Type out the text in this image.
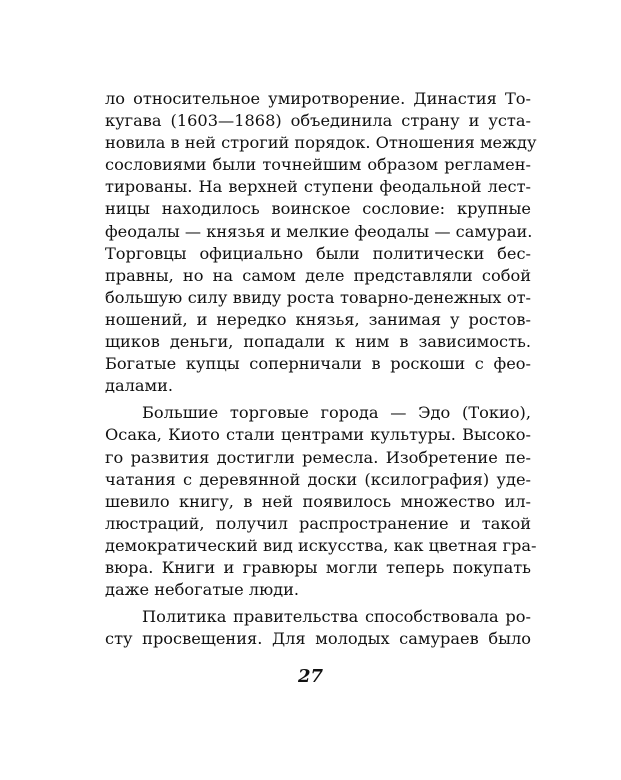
ло относительное умиротворение. Династия То-
кугава (1603—1868) объединила страну и уста-
новила в ней строгий порядок. Отношения между
сословиями были точнейшим образом регламен-
тированы. На верхней ступени феодальной лест-
ницы находилось воинское сословие: крупные
феодалы — князья и мелкие феодалы — самураи.
Торговцы официально были политически бес-
правны, но на самом деле представляли собой
большую силу ввиду роста товарно-денежных от-
ношений, и нередко князья, занимая у ростов-
щиков деньги, попадали к ним в зависимость.
Богатые купцы соперничали в роскоши с фео-
далами.

Большие торговые города — Эдо (Токио),
Осака, Киото стали центрами культуры. Высоко-
го развития достигли ремесла. Изобретение пе-
чатания с деревянной доски (ксилография) уде-
шевило книгу, в ней появилось множество ил-
люстраций, получил распространение и такой
демократический вид искусства, как цветная гра-
вюра. Книги и гравюры могли теперь покупать
даже небогатые люди.

Политика правительства способствовала ро-
сту просвещения. Для молодых самураев было

27
